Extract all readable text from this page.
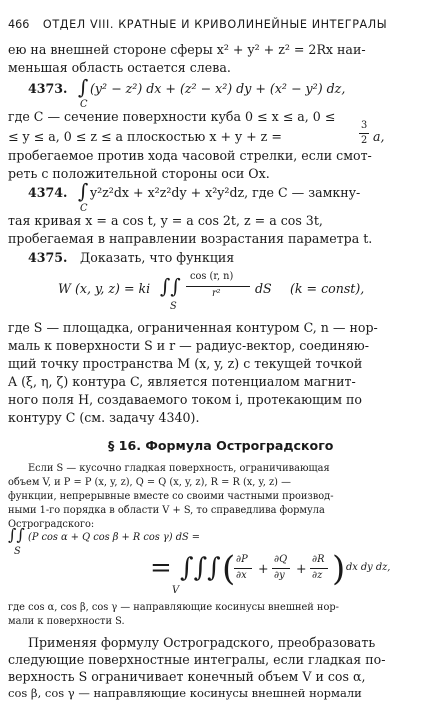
466 ОТДЕЛ VIII. КРАТНЫЕ И КРИВОЛИНЕЙНЫЕ ИНТЕГРАЛЫ
ею на внешней стороне сферы x² + y² + z² = 2Rx наи-
меньшая область остается слева.
4373. ∫ (y² − z²) dx + (z² − x²) dy + (x² − y²) dz,
C
где C — сечение поверхности куба 0 ≤ x ≤ a, 0 ≤
≤ y ≤ a, 0 ≤ z ≤ a плоскостью x + y + z =
3
2 a,
пробегаемое против хода часовой стрелки, если смот-
реть с положительной стороны оси Ox.
4374. ∫ y²z²dx + x²z²dy + x²y²dz, где C — замкну-
C
тая кривая x = a cos t, y = a cos 2t, z = a cos 3t,
пробегаемая в направлении возрастания параметра t.
4375. Доказать, что функция
W (x, y, z) = ki ∫∫ cos (r, n)
r²	dS (k = const),
S
где S — площадка, ограниченная контуром C, n — нор-
маль к поверхности S и r — радиус-вектор, соединяю-
щий точку пространства M (x, y, z) с текущей точкой
A (ξ, η, ζ) контура C, является потенциалом магнит-
ного поля H, создаваемого током i, протекающим по
контуру C (см. задачу 4340).
§ 16. Формула Остроградского
Если S — кусочно гладкая поверхность, ограничивающая
объем V, и P = P (x, y, z), Q = Q (x, y, z), R = R (x, y, z) —
функции, непрерывные вместе со своими частными производ-
ными 1-го порядка в области V + S, то справедлива формула
Остроградского:
∫∫ (P cos α + Q cos β + R cos γ) dS =
S
= ∫∫∫ ( ∂P
∂x +
∂Q
∂y +
∂R
∂z ) dx dy dz,
V
где cos α, cos β, cos γ — направляющие косинусы внешней нор-
мали к поверхности S.
Применяя формулу Остроградского, преобразовать
следующие поверхностные интегралы, если гладкая по-
верхность S ограничивает конечный объем V и cos α,
cos β, cos γ — направляющие косинусы внешней нормали
